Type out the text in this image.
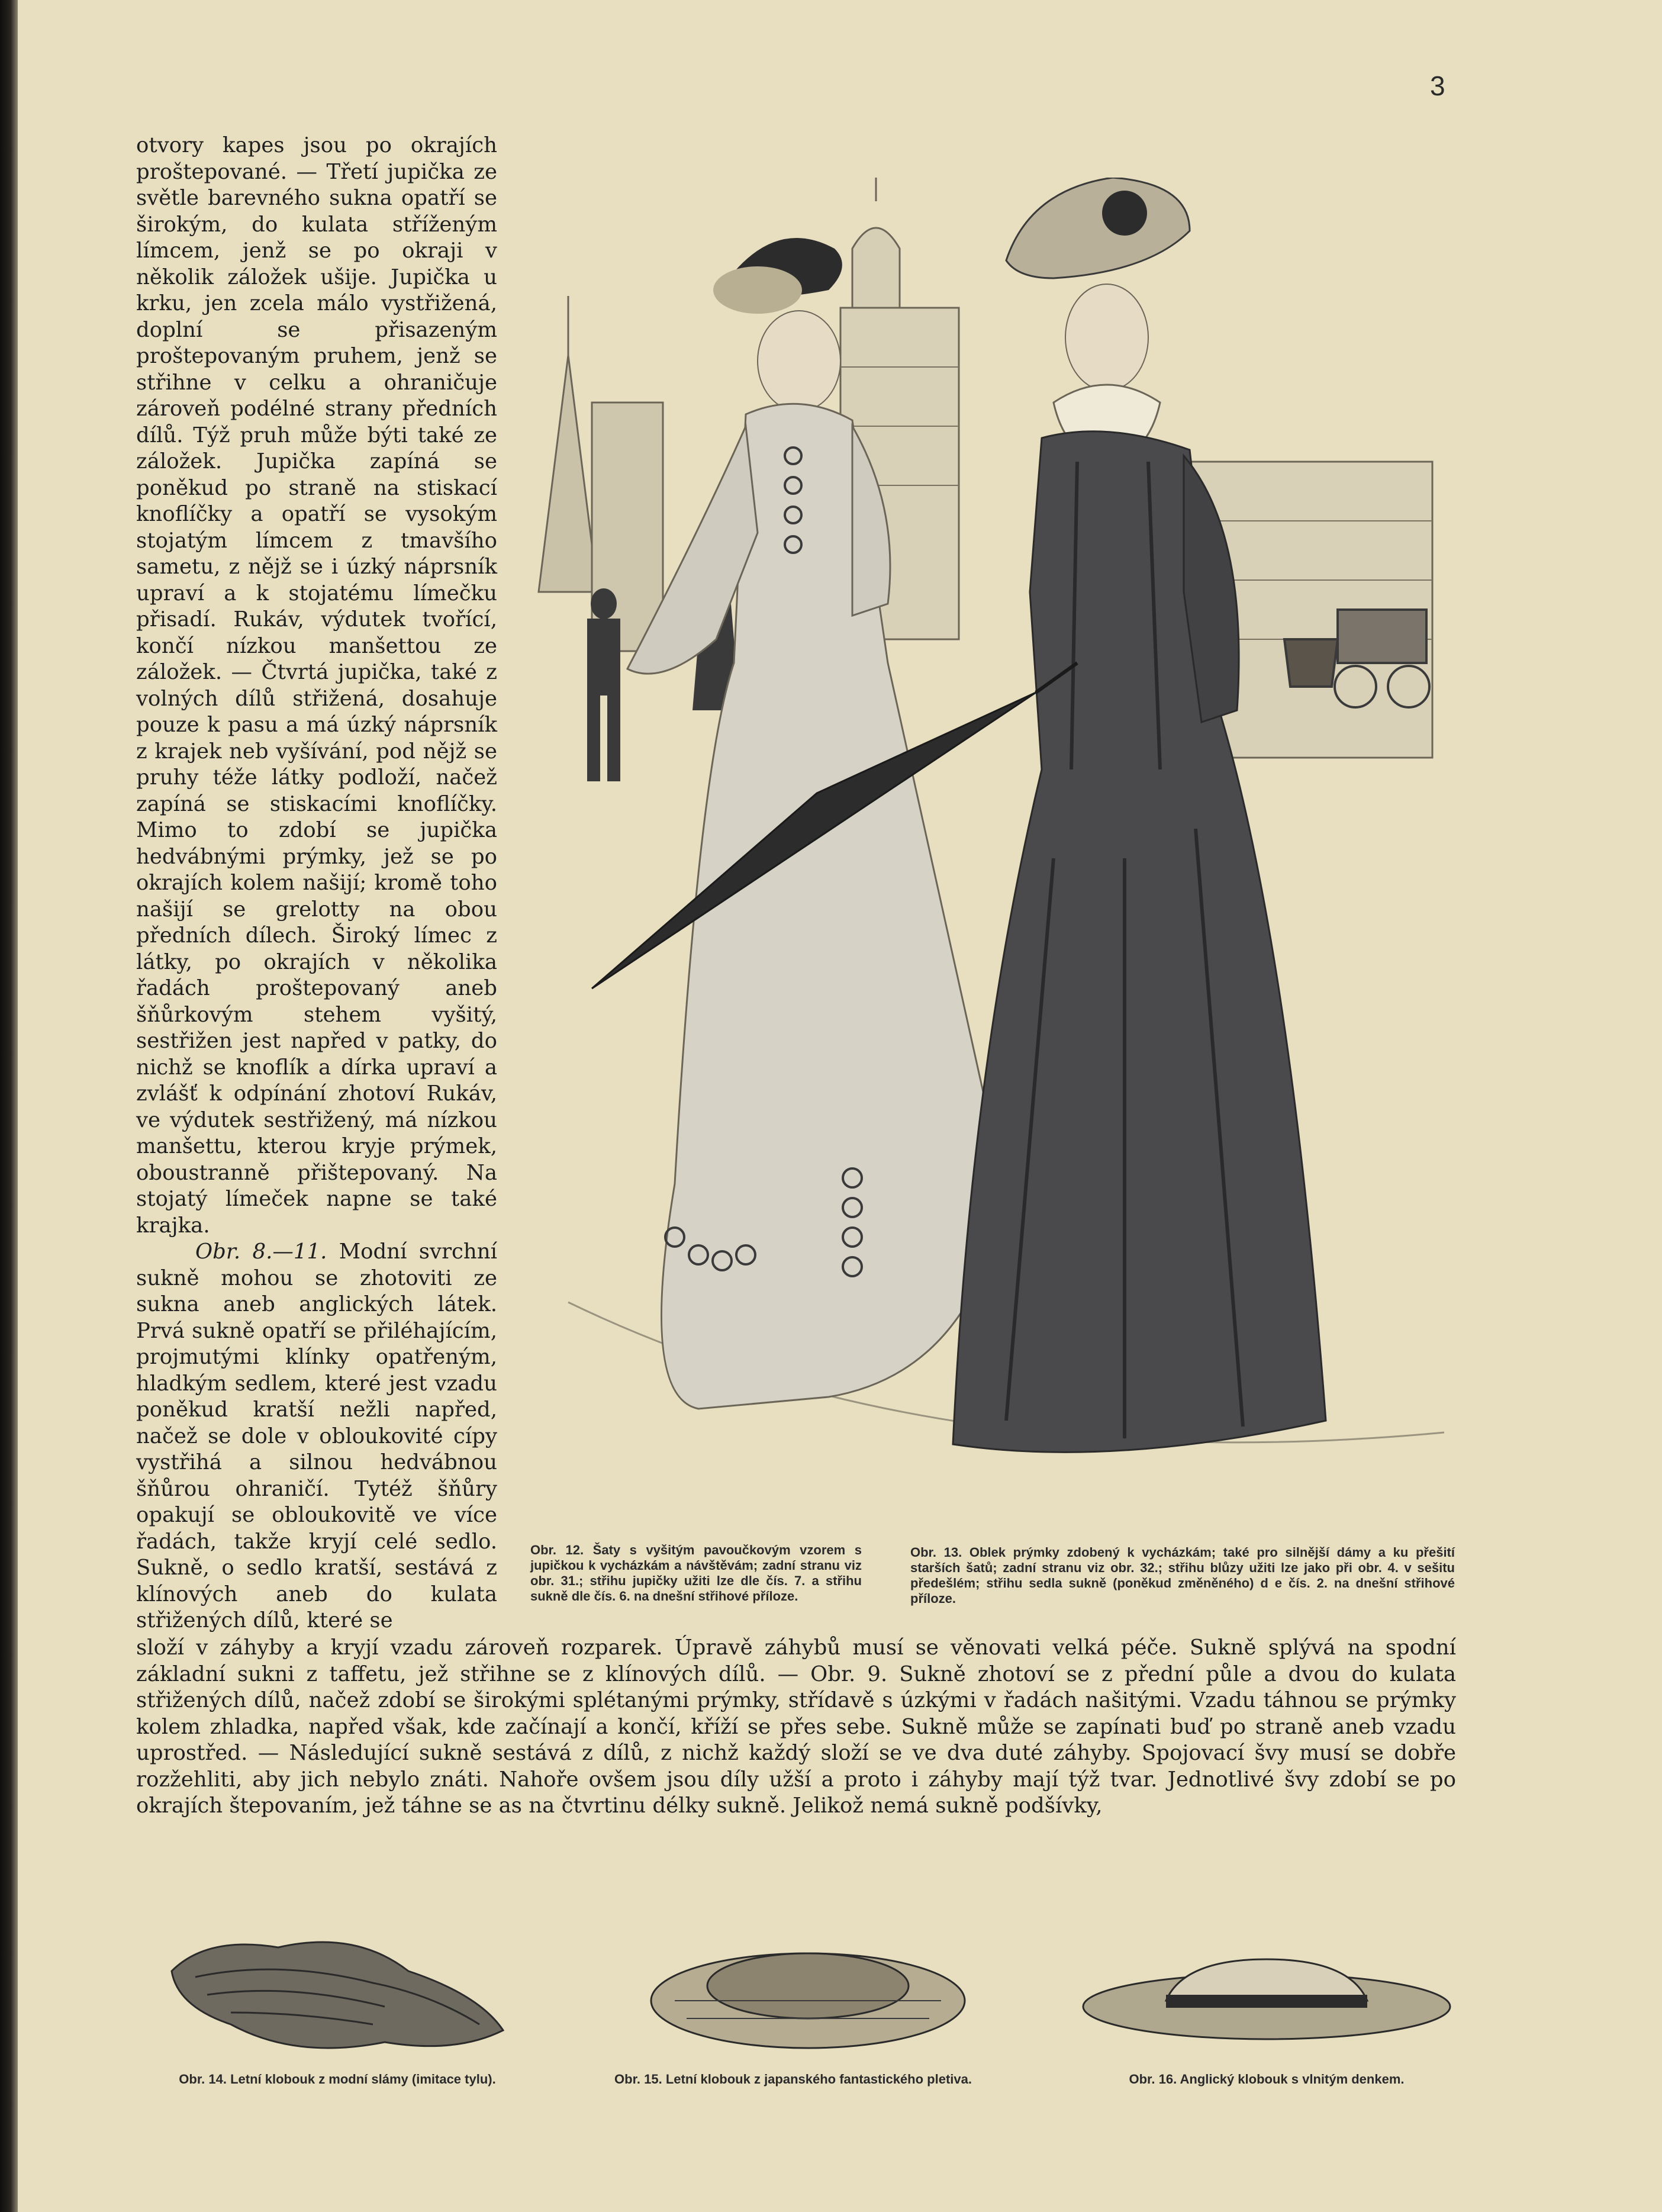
3

otvory kapes jsou po okrajích proštepované. — Třetí jupička ze světle barevného sukna opatří se širokým, do kulata stříženým límcem, jenž se po okraji v několik záložek ušije. Jupička u krku, jen zcela málo vystřižená, doplní se přisazeným proštepovaným pruhem, jenž se střihne v celku a ohraničuje zároveň podélné strany předních dílů. Týž pruh může býti také ze záložek. Jupička zapíná se poněkud po straně na stiskací knoflíčky a opatří se vysokým stojatým límcem z tmavšího sametu, z nějž se i úzký náprsník upraví a k stojatému límečku přisadí. Rukáv, výdutek tvořící, končí nízkou manšettou ze záložek. — Čtvrtá jupička, také z volných dílů střižená, dosahuje pouze k pasu a má úzký náprsník z krajek neb vyšívání, pod nějž se pruhy téže látky podloží, načež zapíná se stiskacími knoflíčky. Mimo to zdobí se jupička hedvábnými prýmky, jež se po okrajích kolem našijí; kromě toho našijí se grelotty na obou předních dílech. Široký límec z látky, po okrajích v několika řadách proštepovaný aneb šňůrkovým stehem vyšitý, sestřižen jest napřed v patky, do nichž se knoflík a dírka upraví a zvlášť k odpínání zhotoví Rukáv, ve výdutek sestřižený, má nízkou manšettu, kterou kryje prýmek, oboustranně přištepovaný. Na stojatý límeček napne se také krajka.

Obr. 8.—11. Modní svrchní sukně mohou se zhotoviti ze sukna aneb anglických látek. Prvá sukně opatří se přiléhajícím, projmutými klínky opatřeným, hladkým sedlem, které jest vzadu poněkud kratší nežli napřed, načež se dole v obloukovité cípy vystřihá a silnou hedvábnou šňůrou ohraničí. Tytéž šňůry opakují se obloukovitě ve více řadách, takže kryjí celé sedlo. Sukně, o sedlo kratší, sestává z klínových aneb do kulata střižených dílů, které se

Obr. 12. Šaty s vyšitým pavoučkovým vzorem s jupičkou k vycházkám a návštěvám; zadní stranu viz obr. 31.; střihu jupičky užiti lze dle čís. 7. a střihu sukně dle čís. 6. na dnešní střihové příloze.
Obr. 13. Oblek prýmky zdobený k vycházkám; také pro silnější dámy a ku přešití starších šatů; zadní stranu viz obr. 32.; střihu blůzy užiti lze jako při obr. 4. v sešitu předešlém; střihu sedla sukně (poněkud změněného) d e čís. 2. na dnešní střihové příloze.
složí v záhyby a kryjí vzadu zároveň rozparek. Úpravě záhybů musí se věnovati velká péče. Sukně splývá na spodní základní sukni z taffetu, jež střihne se z klínových dílů. — Obr. 9. Sukně zhotoví se z přední půle a dvou do kulata střižených dílů, načež zdobí se širokými splétanými prýmky, střídavě s úzkými v řadách našitými. Vzadu táhnou se prýmky kolem zhladka, napřed však, kde začínají a končí, kříží se přes sebe. Sukně může se zapínati buď po straně aneb vzadu uprostřed. — Následující sukně sestává z dílů, z nichž každý složí se ve dva duté záhyby. Spojovací švy musí se dobře rozžehliti, aby jich nebylo znáti. Nahoře ovšem jsou díly užší a proto i záhyby mají týž tvar. Jednotlivé švy zdobí se po okrajích štepovaním, jež táhne se as na čtvrtinu délky sukně. Jelikož nemá sukně podšívky,
Obr. 14. Letní klobouk z modní slámy (imitace tylu).	Obr. 15. Letní klobouk z japanského fantastického pletiva.	Obr. 16. Anglický klobouk s vlnitým denkem.
